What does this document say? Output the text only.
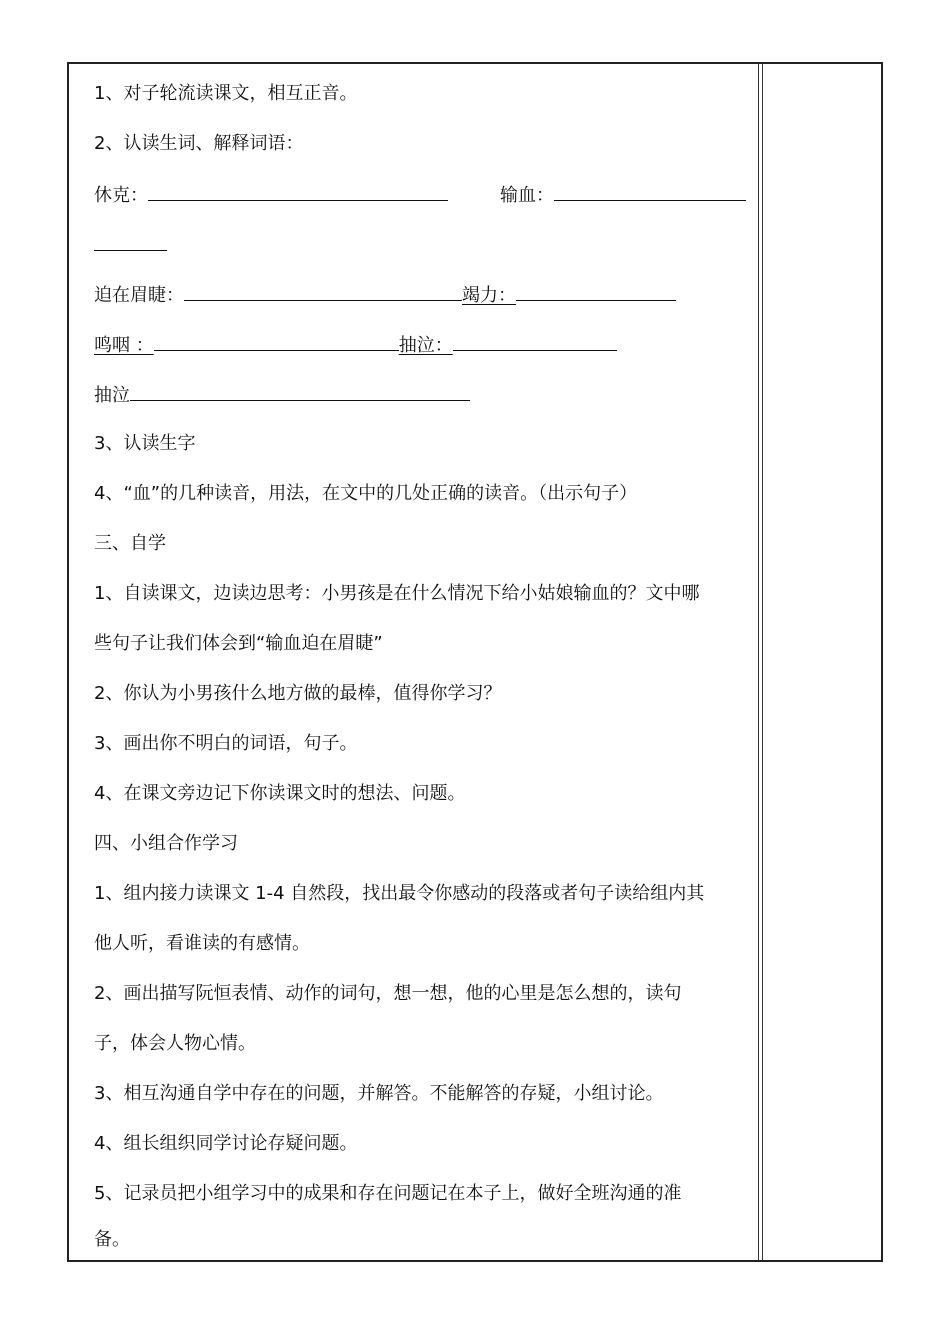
1、对子轮流读课文，相互正音。
2、认读生词、解释词语：
休克：	输血：
迫在眉睫：	竭力：
鸣咽 ：	抽泣：
抽泣
3、认读生字
4、“血”的几种读音，用法，在文中的几处正确的读音。（出示句子）
三、自学
1、自读课文，边读边思考：小男孩是在什么情况下给小姑娘输血的？文中哪
些句子让我们体会到“输血迫在眉睫”
2、你认为小男孩什么地方做的最棒，值得你学习？
3、画出你不明白的词语，句子。
4、在课文旁边记下你读课文时的想法、问题。
四、小组合作学习
1、组内接力读课文 1-4 自然段，找出最令你感动的段落或者句子读给组内其
他人听，看谁读的有感情。
2、画出描写阮恒表情、动作的词句，想一想，他的心里是怎么想的，读句
子，体会人物心情。
3、相互沟通自学中存在的问题，并解答。不能解答的存疑，小组讨论。
4、组长组织同学讨论存疑问题。
5、记录员把小组学习中的成果和存在问题记在本子上，做好全班沟通的准
备。
